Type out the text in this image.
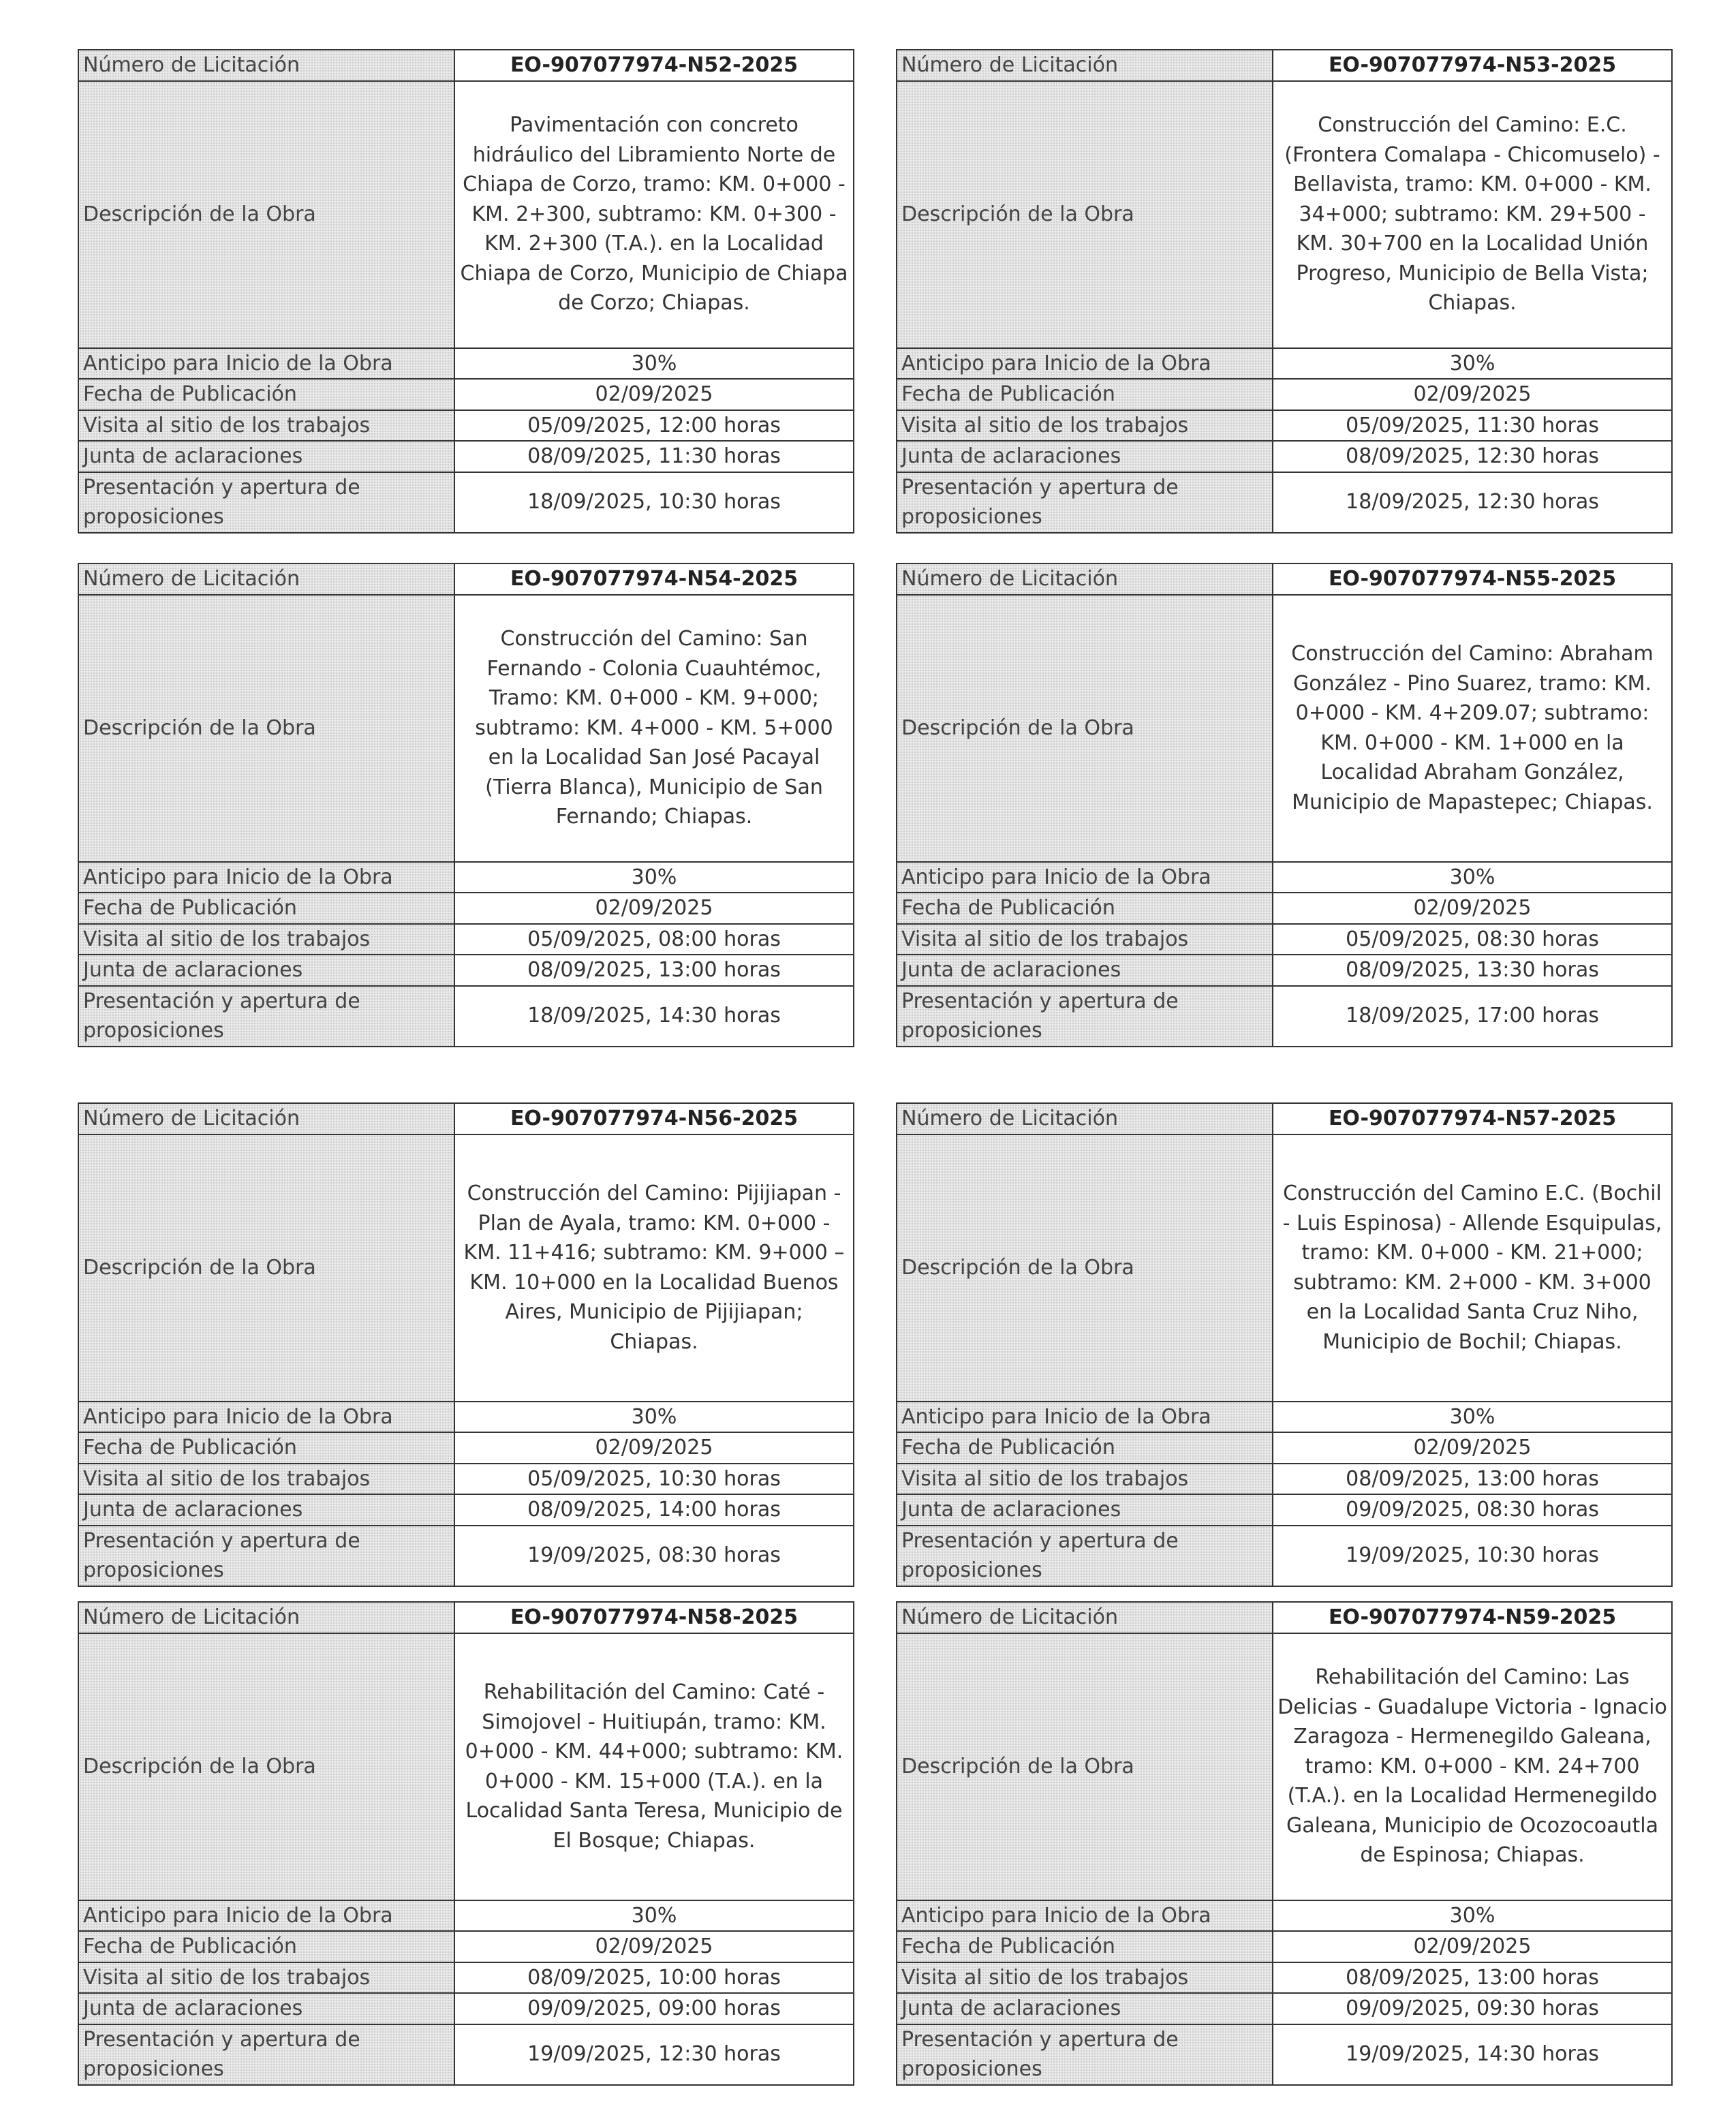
Número de Licitación	EO-907077974-N52-2025
Descripción de la Obra	Pavimentación con concreto hidráulico del Libramiento Norte de Chiapa de Corzo, tramo: KM. 0+000 - KM. 2+300, subtramo: KM. 0+300 - KM. 2+300 (T.A.). en la Localidad Chiapa de Corzo, Municipio de Chiapa de Corzo; Chiapas.
Anticipo para Inicio de la Obra	30%
Fecha de Publicación	02/09/2025
Visita al sitio de los trabajos	05/09/2025, 12:00 horas
Junta de aclaraciones	08/09/2025, 11:30 horas
Presentación y apertura de proposiciones	18/09/2025, 10:30 horas
Número de Licitación	EO-907077974-N53-2025
Descripción de la Obra	Construcción del Camino: E.C. (Frontera Comalapa - Chicomuselo) - Bellavista, tramo: KM. 0+000 - KM. 34+000; subtramo: KM. 29+500 - KM. 30+700 en la Localidad Unión Progreso, Municipio de Bella Vista; Chiapas.
Anticipo para Inicio de la Obra	30%
Fecha de Publicación	02/09/2025
Visita al sitio de los trabajos	05/09/2025, 11:30 horas
Junta de aclaraciones	08/09/2025, 12:30 horas
Presentación y apertura de proposiciones	18/09/2025, 12:30 horas
Número de Licitación	EO-907077974-N54-2025
Descripción de la Obra	Construcción del Camino: San Fernando - Colonia Cuauhtémoc, Tramo: KM. 0+000 - KM. 9+000; subtramo: KM. 4+000 - KM. 5+000 en la Localidad San José Pacayal (Tierra Blanca), Municipio de San Fernando; Chiapas.
Anticipo para Inicio de la Obra	30%
Fecha de Publicación	02/09/2025
Visita al sitio de los trabajos	05/09/2025, 08:00 horas
Junta de aclaraciones	08/09/2025, 13:00 horas
Presentación y apertura de proposiciones	18/09/2025, 14:30 horas
Número de Licitación	EO-907077974-N55-2025
Descripción de la Obra	Construcción del Camino: Abraham González - Pino Suarez, tramo: KM. 0+000 - KM. 4+209.07; subtramo: KM. 0+000 - KM. 1+000 en la Localidad Abraham González, Municipio de Mapastepec; Chiapas.
Anticipo para Inicio de la Obra	30%
Fecha de Publicación	02/09/2025
Visita al sitio de los trabajos	05/09/2025, 08:30 horas
Junta de aclaraciones	08/09/2025, 13:30 horas
Presentación y apertura de proposiciones	18/09/2025, 17:00 horas
Número de Licitación	EO-907077974-N56-2025
Descripción de la Obra	Construcción del Camino: Pijijiapan - Plan de Ayala, tramo: KM. 0+000 - KM. 11+416; subtramo: KM. 9+000 – KM. 10+000 en la Localidad Buenos Aires, Municipio de Pijijiapan; Chiapas.
Anticipo para Inicio de la Obra	30%
Fecha de Publicación	02/09/2025
Visita al sitio de los trabajos	05/09/2025, 10:30 horas
Junta de aclaraciones	08/09/2025, 14:00 horas
Presentación y apertura de proposiciones	19/09/2025, 08:30 horas
Número de Licitación	EO-907077974-N57-2025
Descripción de la Obra	Construcción del Camino E.C. (Bochil - Luis Espinosa) - Allende Esquipulas, tramo: KM. 0+000 - KM. 21+000; subtramo: KM. 2+000 - KM. 3+000 en la Localidad Santa Cruz Niho, Municipio de Bochil; Chiapas.
Anticipo para Inicio de la Obra	30%
Fecha de Publicación	02/09/2025
Visita al sitio de los trabajos	08/09/2025, 13:00 horas
Junta de aclaraciones	09/09/2025, 08:30 horas
Presentación y apertura de proposiciones	19/09/2025, 10:30 horas
Número de Licitación	EO-907077974-N58-2025
Descripción de la Obra	Rehabilitación del Camino: Caté - Simojovel - Huitiupán, tramo: KM. 0+000 - KM. 44+000; subtramo: KM. 0+000 - KM. 15+000 (T.A.). en la Localidad Santa Teresa, Municipio de El Bosque; Chiapas.
Anticipo para Inicio de la Obra	30%
Fecha de Publicación	02/09/2025
Visita al sitio de los trabajos	08/09/2025, 10:00 horas
Junta de aclaraciones	09/09/2025, 09:00 horas
Presentación y apertura de proposiciones	19/09/2025, 12:30 horas
Número de Licitación	EO-907077974-N59-2025
Descripción de la Obra	Rehabilitación del Camino: Las Delicias - Guadalupe Victoria - Ignacio Zaragoza - Hermenegildo Galeana, tramo: KM. 0+000 - KM. 24+700 (T.A.). en la Localidad Hermenegildo Galeana, Municipio de Ocozocoautla de Espinosa; Chiapas.
Anticipo para Inicio de la Obra	30%
Fecha de Publicación	02/09/2025
Visita al sitio de los trabajos	08/09/2025, 13:00 horas
Junta de aclaraciones	09/09/2025, 09:30 horas
Presentación y apertura de proposiciones	19/09/2025, 14:30 horas
